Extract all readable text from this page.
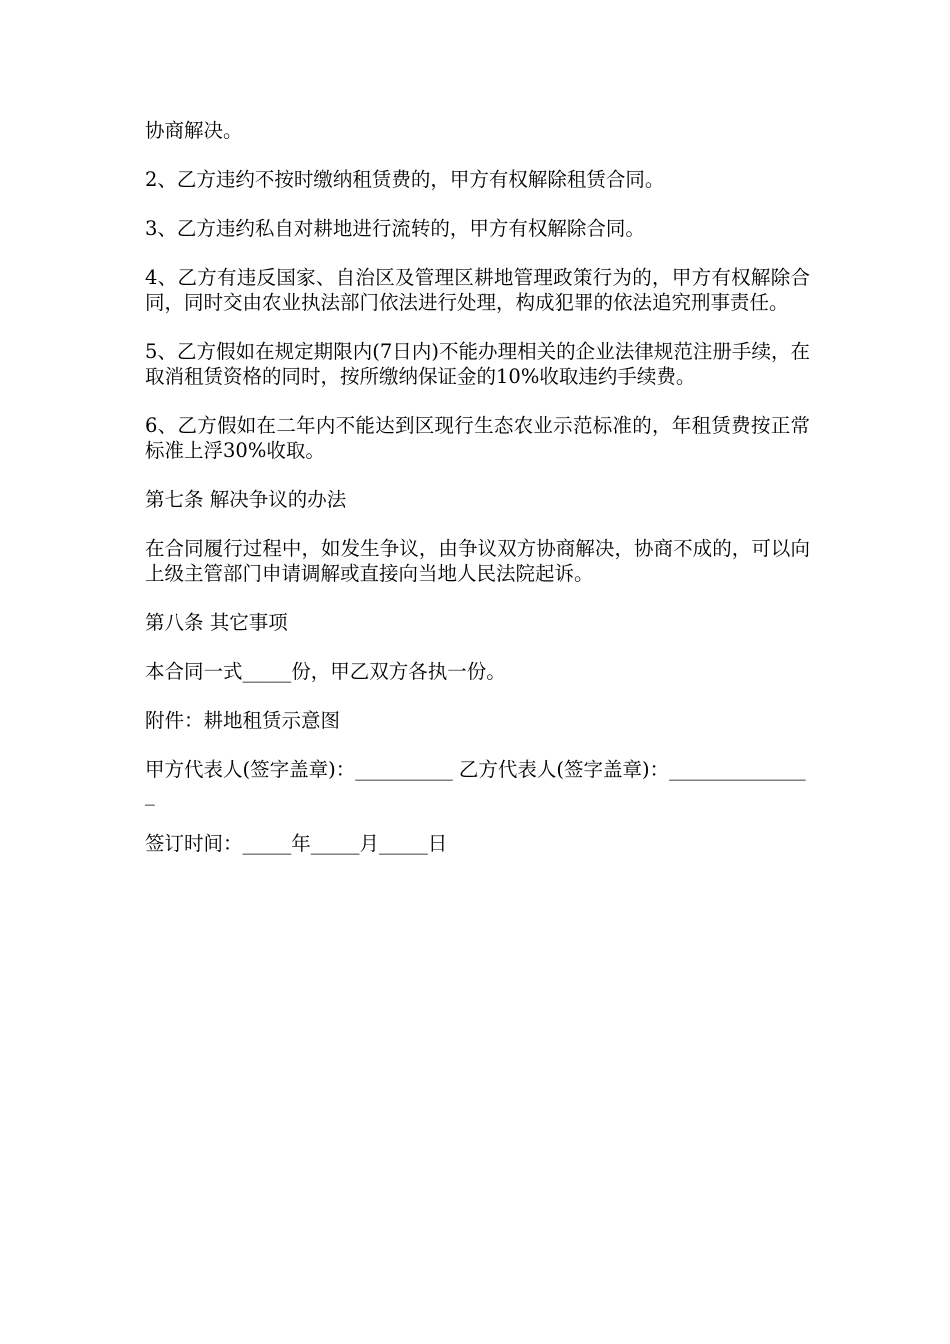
协商解决。

2、乙方违约不按时缴纳租赁费的，甲方有权解除租赁合同。

3、乙方违约私自对耕地进行流转的，甲方有权解除合同。

4、乙方有违反国家、自治区及管理区耕地管理政策行为的，甲方有权解除合同，同时交由农业执法部门依法进行处理，构成犯罪的依法追究刑事责任。

5、乙方假如在规定期限内(7日内)不能办理相关的企业法律规范注册手续，在取消租赁资格的同时，按所缴纳保证金的10%收取违约手续费。

6、乙方假如在二年内不能达到区现行生态农业示范标准的，年租赁费按正常标准上浮30%收取。

第七条 解决争议的办法

在合同履行过程中，如发生争议，由争议双方协商解决，协商不成的，可以向上级主管部门申请调解或直接向当地人民法院起诉。

第八条 其它事项

本合同一式_____份，甲乙双方各执一份。

附件：耕地租赁示意图

甲方代表人(签字盖章)：__________ 乙方代表人(签字盖章)：_______________

签订时间：_____年_____月_____日
